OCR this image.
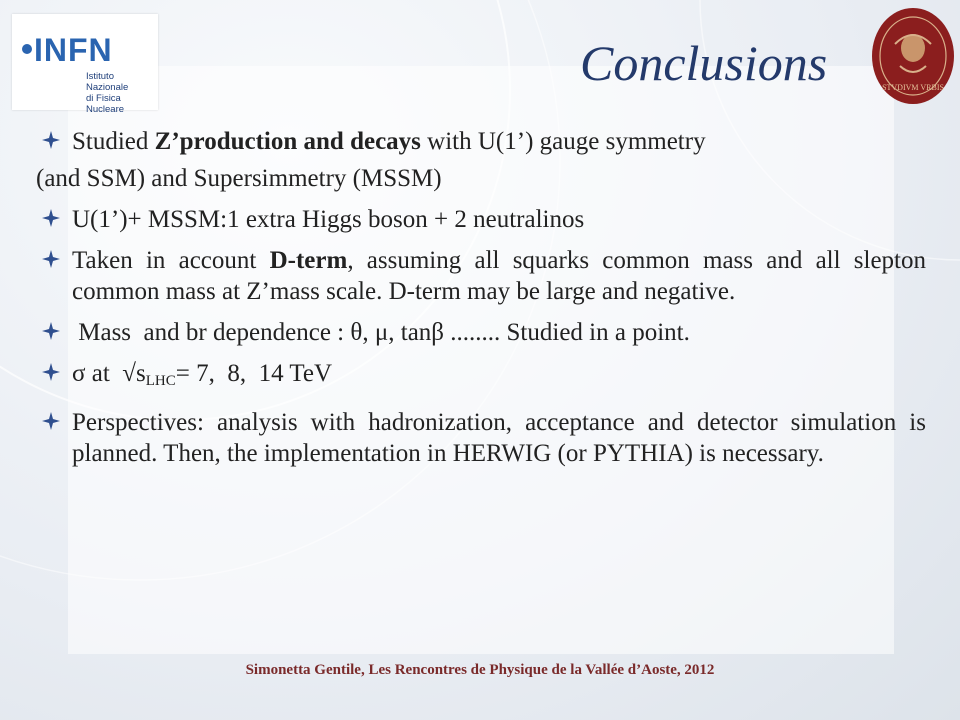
INFN
Istituto Nazionale
di Fisica Nucleare
STVDIVM VRBIS
Conclusions
Studied Z’production and decays with U(1’) gauge symmetry
(and SSM) and Supersimmetry (MSSM)
U(1’)+ MSSM:1 extra Higgs boson + 2 neutralinos
Taken in account D-term, assuming all squarks common mass and all slepton common mass at Z’mass scale. D-term may be large and negative.
Mass  and br dependence : θ, μ, tanβ ........ Studied in a point.
σ at  $√s_{LHC}= 7$,  8,  14 TeV
Perspectives: analysis with hadronization, acceptance and detector simulation is planned. Then, the implementation in HERWIG (or PYTHIA) is necessary.
Simonetta Gentile, Les Rencontres de Physique de la Vallée d’Aoste, 2012
